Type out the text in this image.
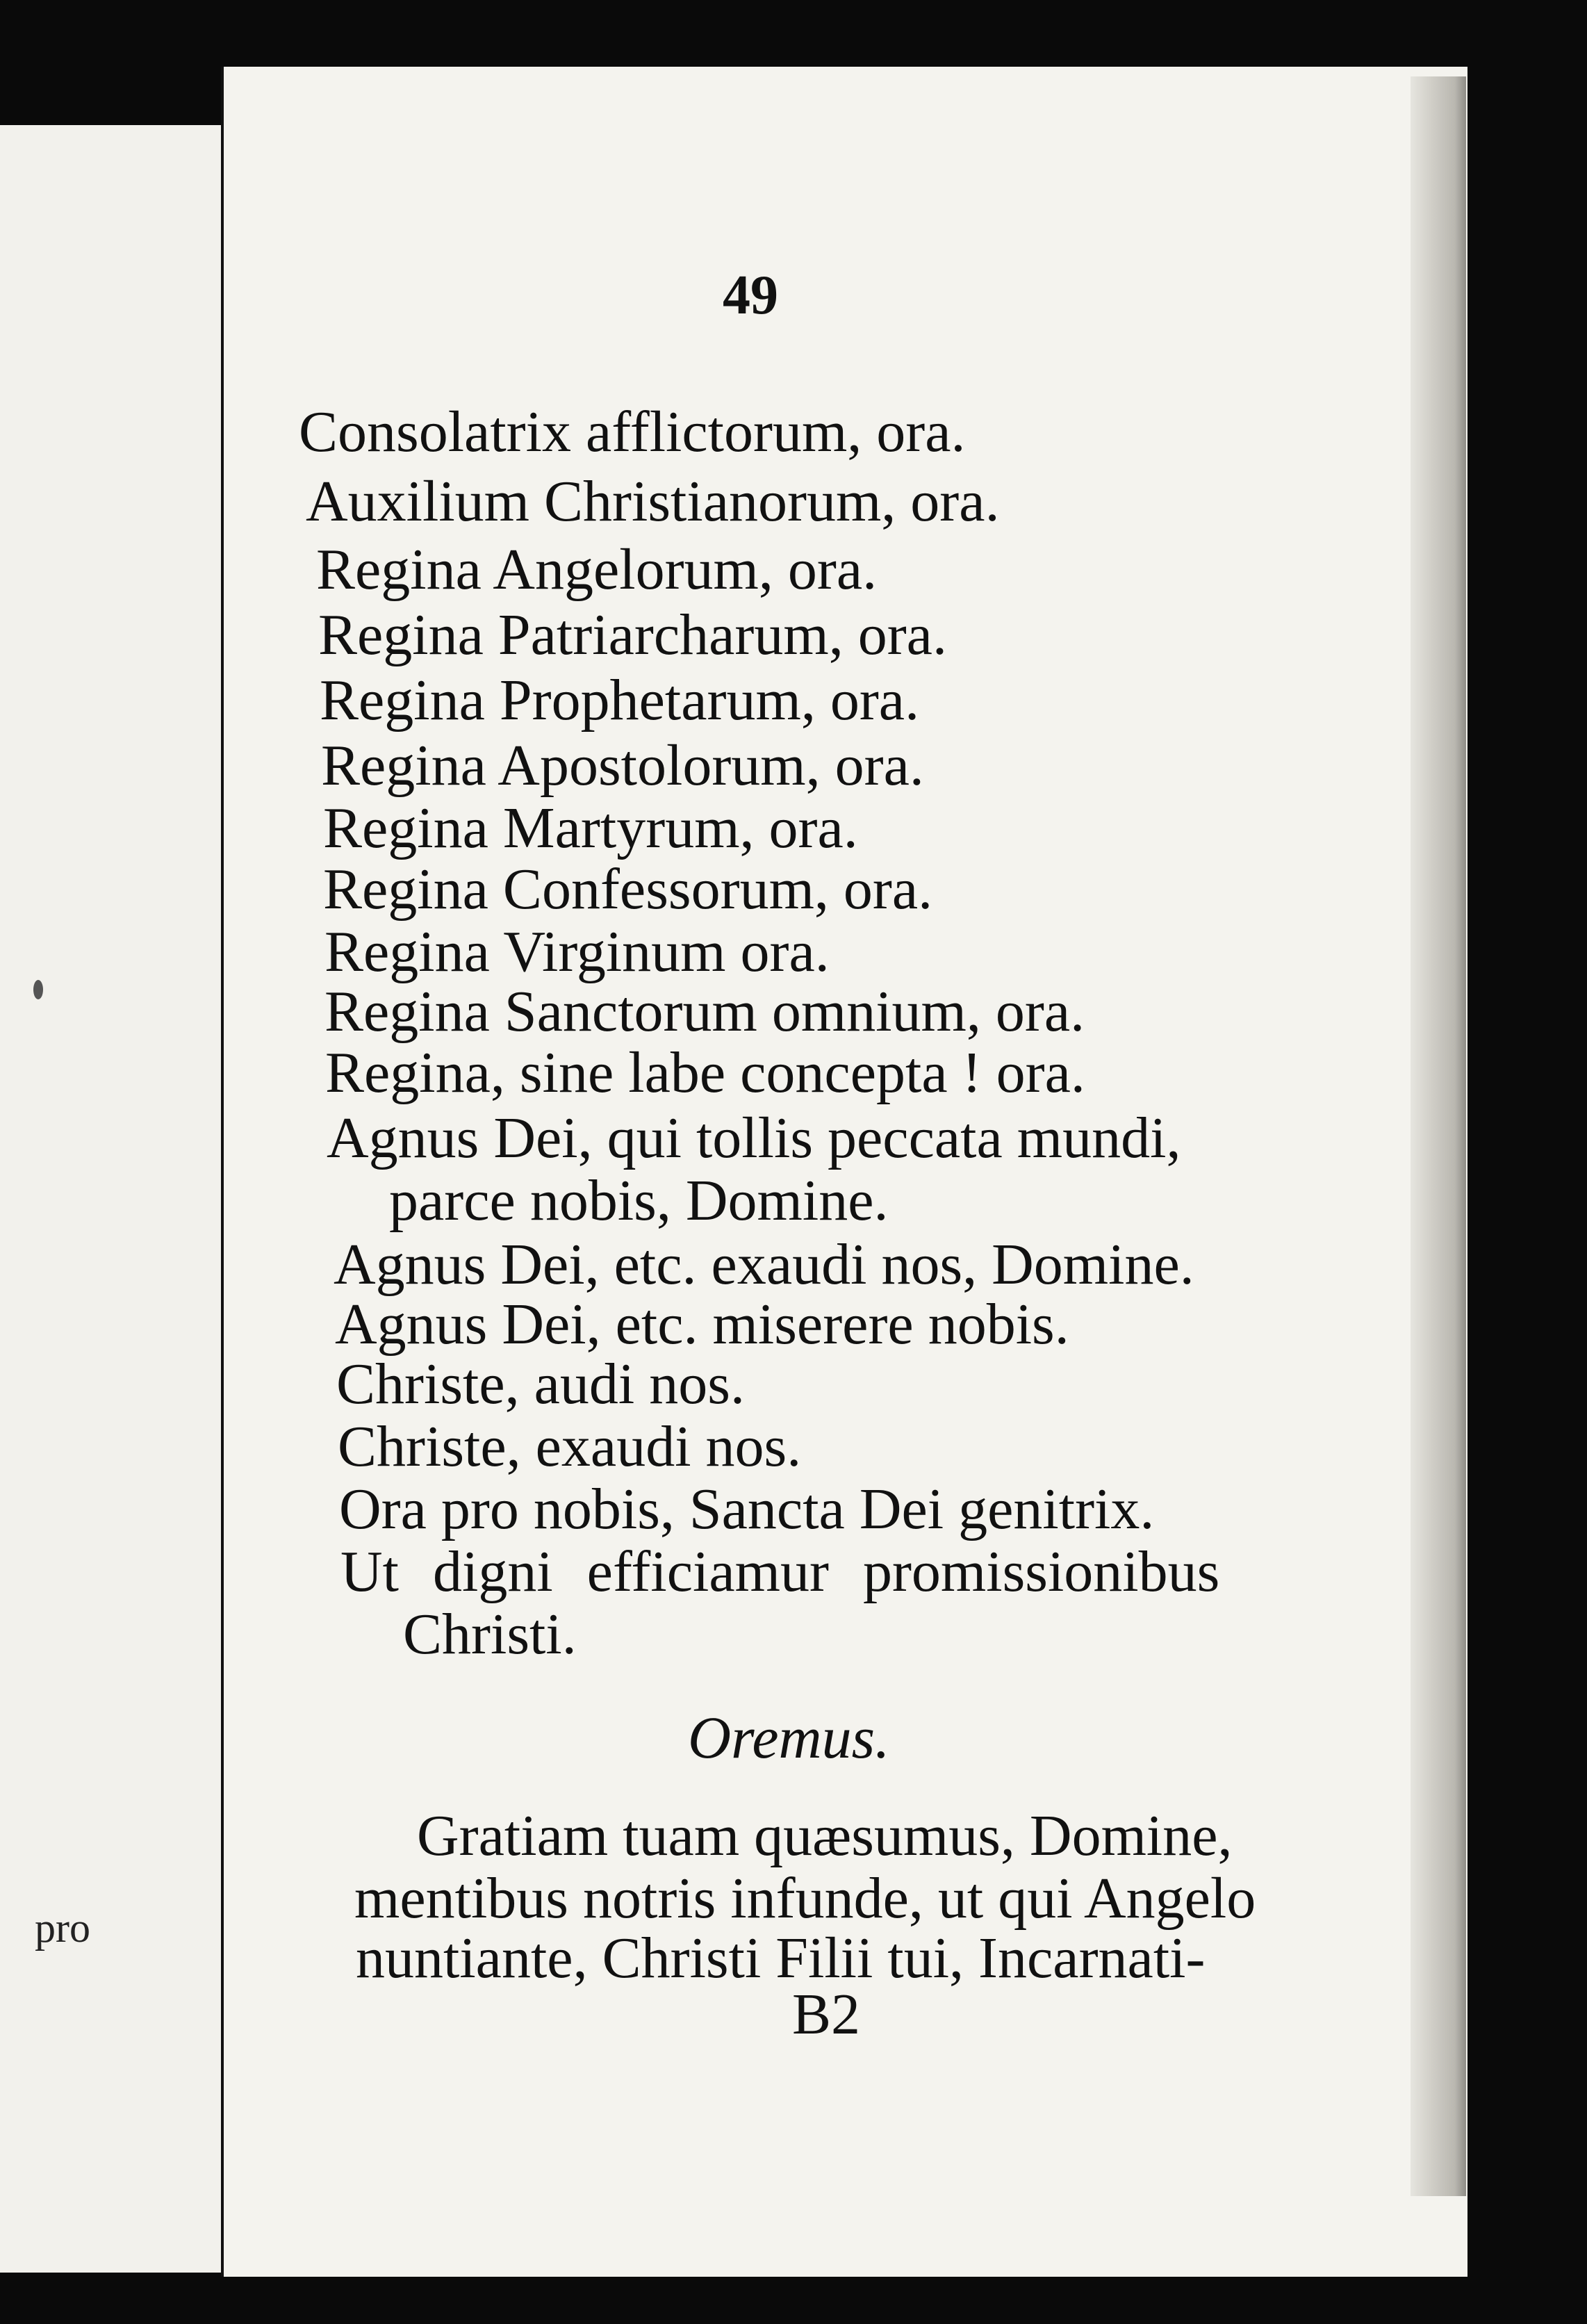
pro
49
Consolatrix afflictorum, ora.
Auxilium Christianorum, ora.
Regina Angelorum, ora.
Regina Patriarcharum, ora.
Regina Prophetarum, ora.
Regina Apostolorum, ora.
Regina Martyrum, ora.
Regina Confessorum, ora.
Regina Virginum ora.
Regina Sanctorum omnium, ora.
Regina, sine labe concepta ! ora.
Agnus Dei, qui tollis peccata mundi,
parce nobis, Domine.
Agnus Dei, etc. exaudi nos, Domine.
Agnus Dei, etc. miserere nobis.
Christe, audi nos.
Christe, exaudi nos.
Ora pro nobis, Sancta Dei genitrix.
Ut digni efficiamur promissionibus
Christi.
Oremus.
Gratiam tuam quæsumus, Domine,
mentibus notris infunde, ut qui Angelo
nuntiante, Christi Filii tui, Incarnati-
B2
